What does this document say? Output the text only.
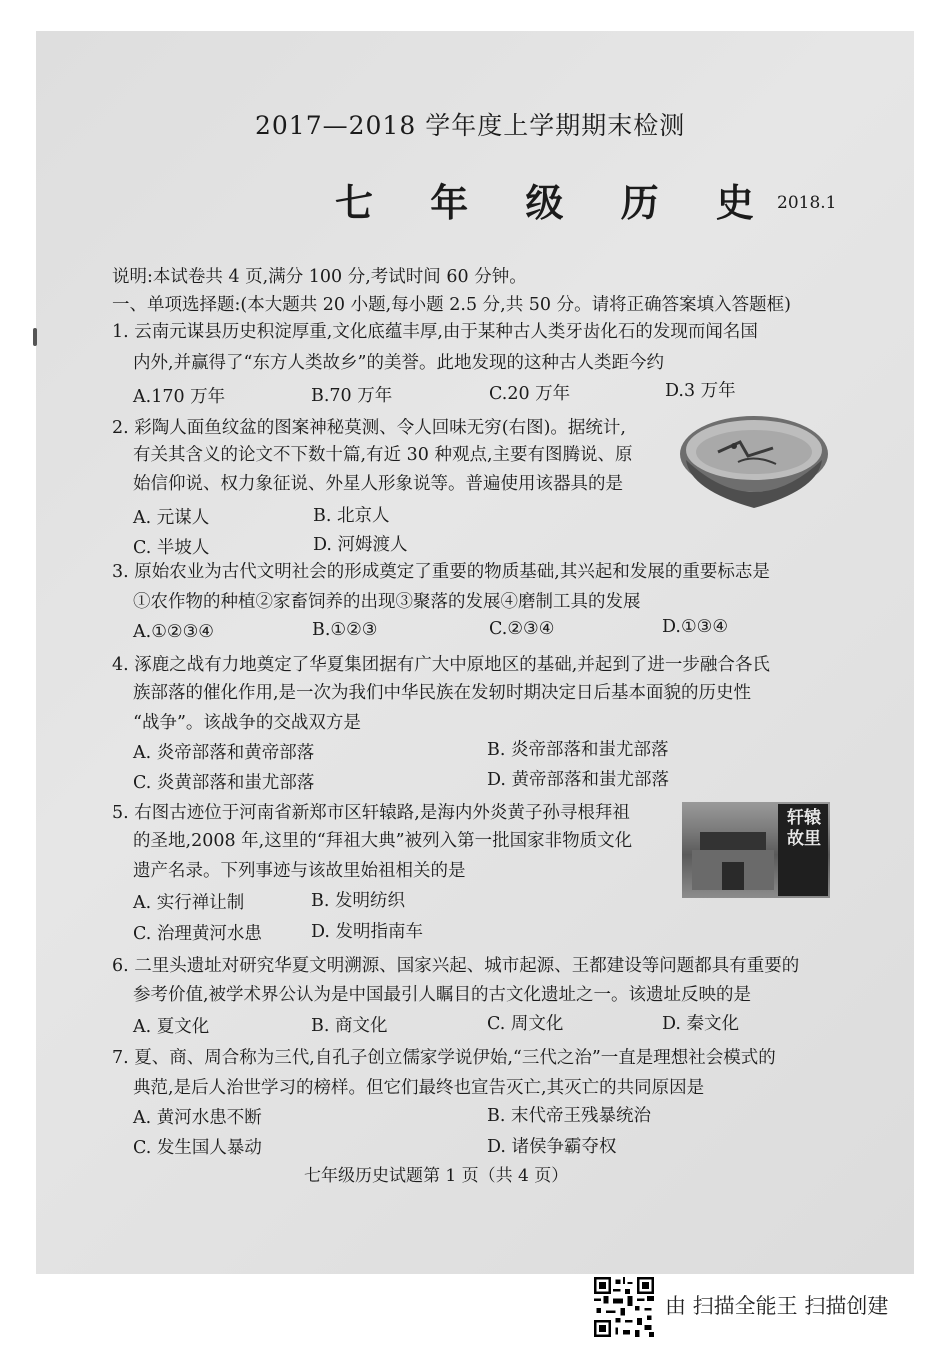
2017—2018 学年度上学期期末检测
七 年 级 历 史 2018.1
说明:本试卷共 4 页,满分 100 分,考试时间 60 分钟。
一、单项选择题:(本大题共 20 小题,每小题 2.5 分,共 50 分。请将正确答案填入答题框)
1. 云南元谋县历史积淀厚重,文化底蕴丰厚,由于某种古人类牙齿化石的发现而闻名国
内外,并赢得了“东方人类故乡”的美誉。此地发现的这种古人类距今约
A.170 万年	B.70 万年	C.20 万年	D.3 万年
2. 彩陶人面鱼纹盆的图案神秘莫测、令人回味无穷(右图)。据统计,
有关其含义的论文不下数十篇,有近 30 种观点,主要有图腾说、原
始信仰说、权力象征说、外星人形象说等。普遍使用该器具的是
A. 元谋人	B. 北京人
C. 半坡人	D. 河姆渡人
3. 原始农业为古代文明社会的形成奠定了重要的物质基础,其兴起和发展的重要标志是
①农作物的种植②家畜饲养的出现③聚落的发展④磨制工具的发展
A.①②③④	B.①②③	C.②③④	D.①③④
4. 涿鹿之战有力地奠定了华夏集团据有广大中原地区的基础,并起到了进一步融合各氏
族部落的催化作用,是一次为我们中华民族在发轫时期决定日后基本面貌的历史性
“战争”。该战争的交战双方是
A. 炎帝部落和黄帝部落	B. 炎帝部落和蚩尤部落
C. 炎黄部落和蚩尤部落	D. 黄帝部落和蚩尤部落
5. 右图古迹位于河南省新郑市区轩辕路,是海内外炎黄子孙寻根拜祖
的圣地,2008 年,这里的“拜祖大典”被列入第一批国家非物质文化
遗产名录。下列事迹与该故里始祖相关的是
A. 实行禅让制	B. 发明纺织
C. 治理黄河水患	D. 发明指南车
轩辕故里
6. 二里头遗址对研究华夏文明溯源、国家兴起、城市起源、王都建设等问题都具有重要的
参考价值,被学术界公认为是中国最引人瞩目的古文化遗址之一。该遗址反映的是
A. 夏文化	B. 商文化	C. 周文化	D. 秦文化
7. 夏、商、周合称为三代,自孔子创立儒家学说伊始,“三代之治”一直是理想社会模式的
典范,是后人治世学习的榜样。但它们最终也宣告灭亡,其灭亡的共同原因是
A. 黄河水患不断	B. 末代帝王残暴统治
C. 发生国人暴动	D. 诸侯争霸夺权
七年级历史试题第 1 页（共 4 页）
由 扫描全能王 扫描创建
